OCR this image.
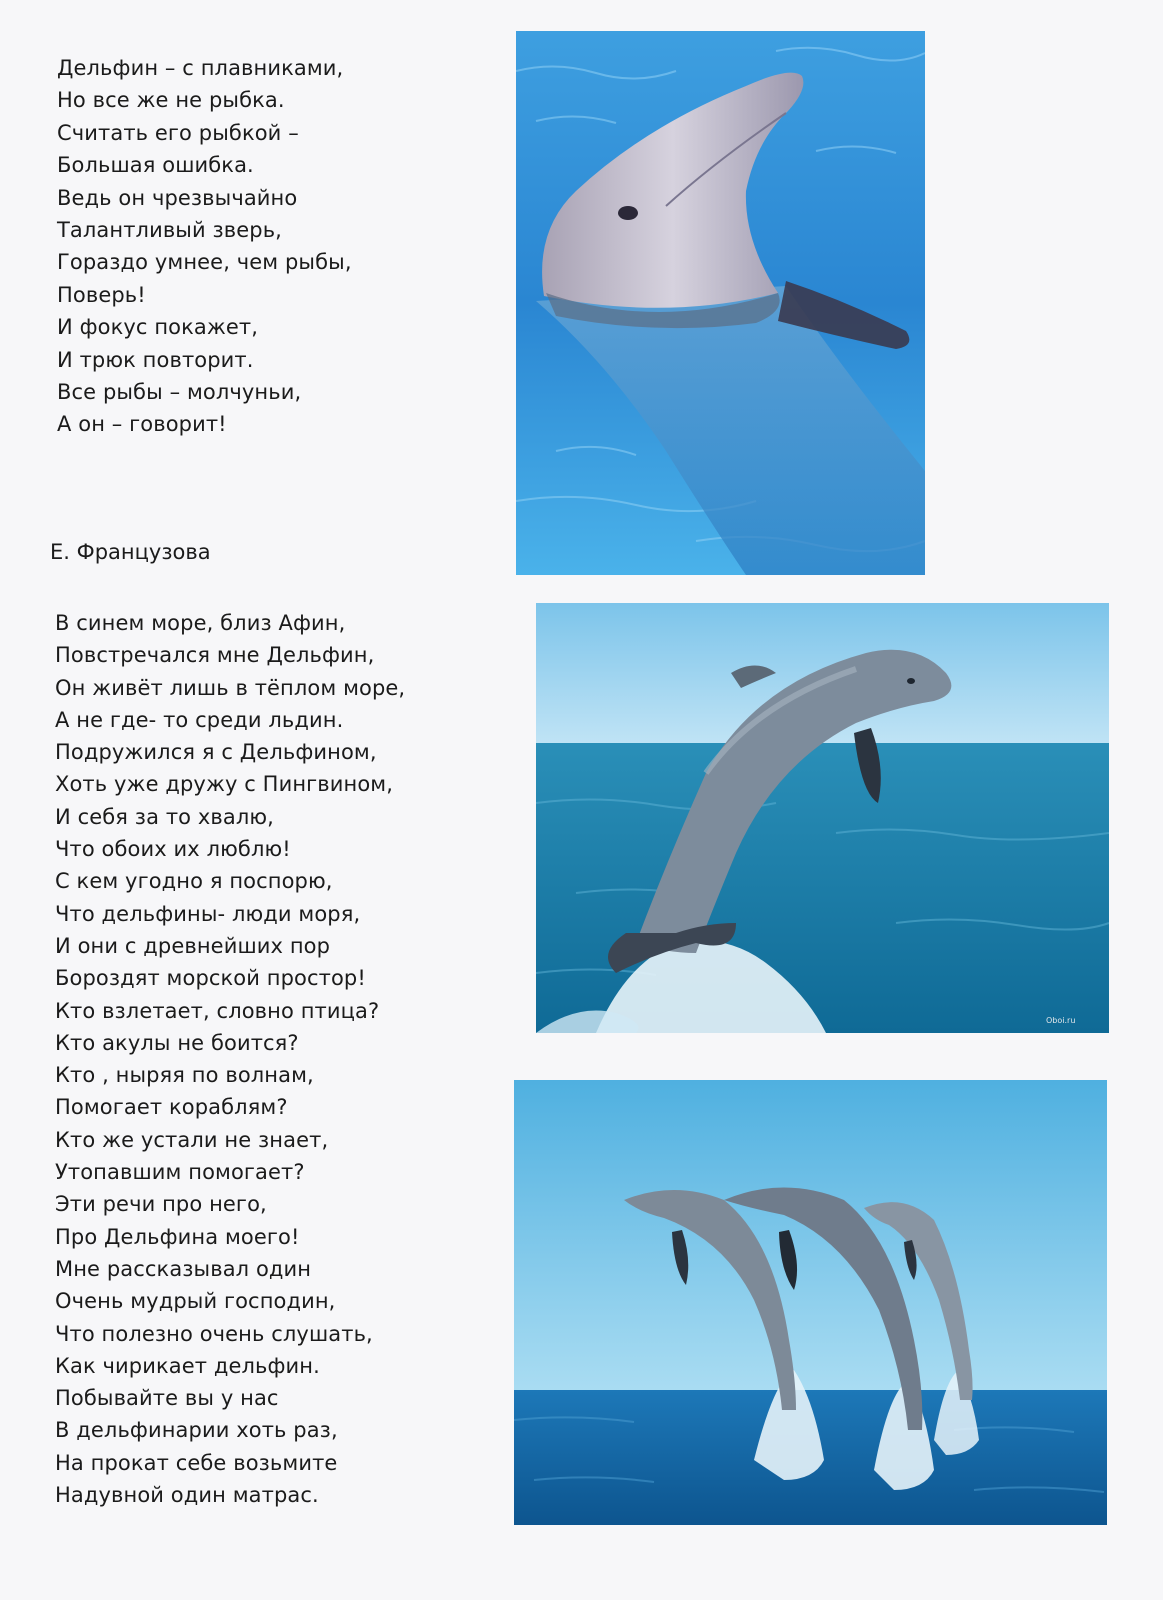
Дельфин – с плавниками,
Но все же не рыбка.
Считать его рыбкой –
Большая ошибка.
Ведь он чрезвычайно
Талантливый зверь,
Гораздо умнее, чем рыбы,
Поверь!
И фокус покажет,
И трюк повторит.
Все рыбы – молчуньи,
А он – говорит!
Е. Французова
В синем море, близ Афин,
Повстречался мне Дельфин,
Он живёт лишь в тёплом море,
А не где- то среди льдин.
Подружился я с Дельфином,
Хоть уже дружу с Пингвином,
И себя за то хвалю,
Что обоих их люблю!
С кем угодно я поспорю,
Что дельфины- люди моря,
И они с древнейших пор
Бороздят морской простор!
Кто взлетает, словно птица?
Кто акулы не боится?
Кто , ныряя по волнам,
Помогает кораблям?
Кто же устали не знает,
Утопавшим помогает?
Эти речи про него,
Про Дельфина моего!
Мне рассказывал один
Очень мудрый господин,
Что полезно очень слушать,
Как чирикает дельфин.
Побывайте вы у нас
В дельфинарии хоть раз,
На прокат себе возьмите
Надувной один матрас.
Oboi.ru
